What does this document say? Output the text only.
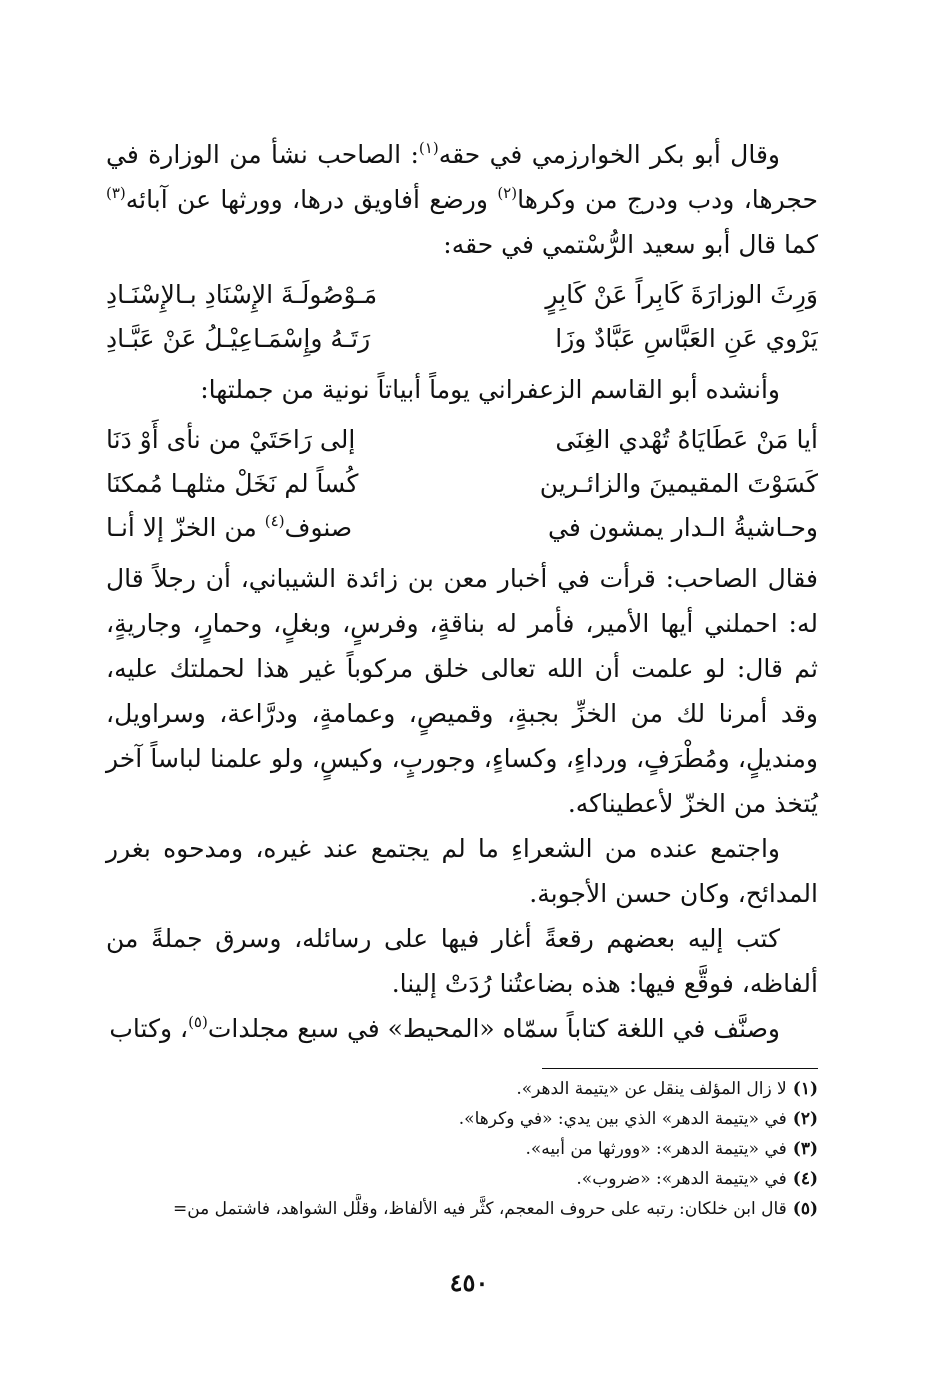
وقال أبو بكر الخوارزمي في حقه$^{(١)}$: الصاحب نشأ من الوزارة في حجرها، ودب ودرج من وكرها$^{(٢)}$ ورضع أفاويق درها، وورثها عن آبائه$^{(٣)}$ كما قال أبو سعيد الرُّسْتمي في حقه:

وَرِثَ الوزارَةَ كَابِراً عَنْ كَابِرٍ
مَـوْصُولَـةَ الإِسْنَادِ بـالإِسْنَـادِ
يَرْوي عَنِ العَبَّاسِ عَبَّادٌ وزَا
رَتَـهُ وإِسْمَـاعِيْـلُ عَنْ عَبَّـادِ

وأنشده أبو القاسم الزعفراني يوماً أبياتاً نونية من جملتها:

أيا مَنْ عَطَايَاهُ تُهْدي الغِنَى
إلى رَاحَتَيْ من نأى أَوْ دَنَا
كَسَوْتَ المقيمينَ والزائـرين
كُساً لم نَخَلْ مثلهـا مُمكنَا
وحـاشيةُ الـدار يمشون في
صنوف$^{(٤)}$ من الخزّ إلا أنـا

فقال الصاحب: قرأت في أخبار معن بن زائدة الشيباني، أن رجلاً قال له: احملني أيها الأمير، فأمر له بناقةٍ، وفرسٍ، وبغلٍ، وحمارٍ، وجاريةٍ، ثم قال: لو علمت أن الله تعالى خلق مركوباً غير هذا لحملتك عليه، وقد أمرنا لك من الخزِّ بجبةٍ، وقميصٍ، وعمامةٍ، ودرَّاعة، وسراويل، ومنديلٍ، ومُطْرَفٍ، ورداءٍ، وكساءٍ، وجوربٍ، وكيسٍ، ولو علمنا لباساً آخر يُتخذ من الخزّ لأعطيناكه.

واجتمع عنده من الشعراءِ ما لم يجتمع عند غيره، ومدحوه بغرر المدائح، وكان حسن الأجوبة.

كتب إليه بعضهم رقعةً أغار فيها على رسائله، وسرق جملةً من ألفاظه، فوقَّع فيها: هذه بضاعتُنا رُدَتْ إلينا.

وصنَّف في اللغة كتاباً سمّاه «المحيط» في سبع مجلدات$^{(٥)}$، وكتاب

(١)لا زال المؤلف ينقل عن «يتيمة الدهر».

(٢)في «يتيمة الدهر» الذي بين يدي: «في وكرها».

(٣)في «يتيمة الدهر»: «وورثها من أبيه».

(٤)في «يتيمة الدهر»: «ضروب».

(٥)قال ابن خلكان: رتبه على حروف المعجم، كثَّر فيه الألفاظ، وقلَّل الشواهد، فاشتمل من=

٤٥٠
